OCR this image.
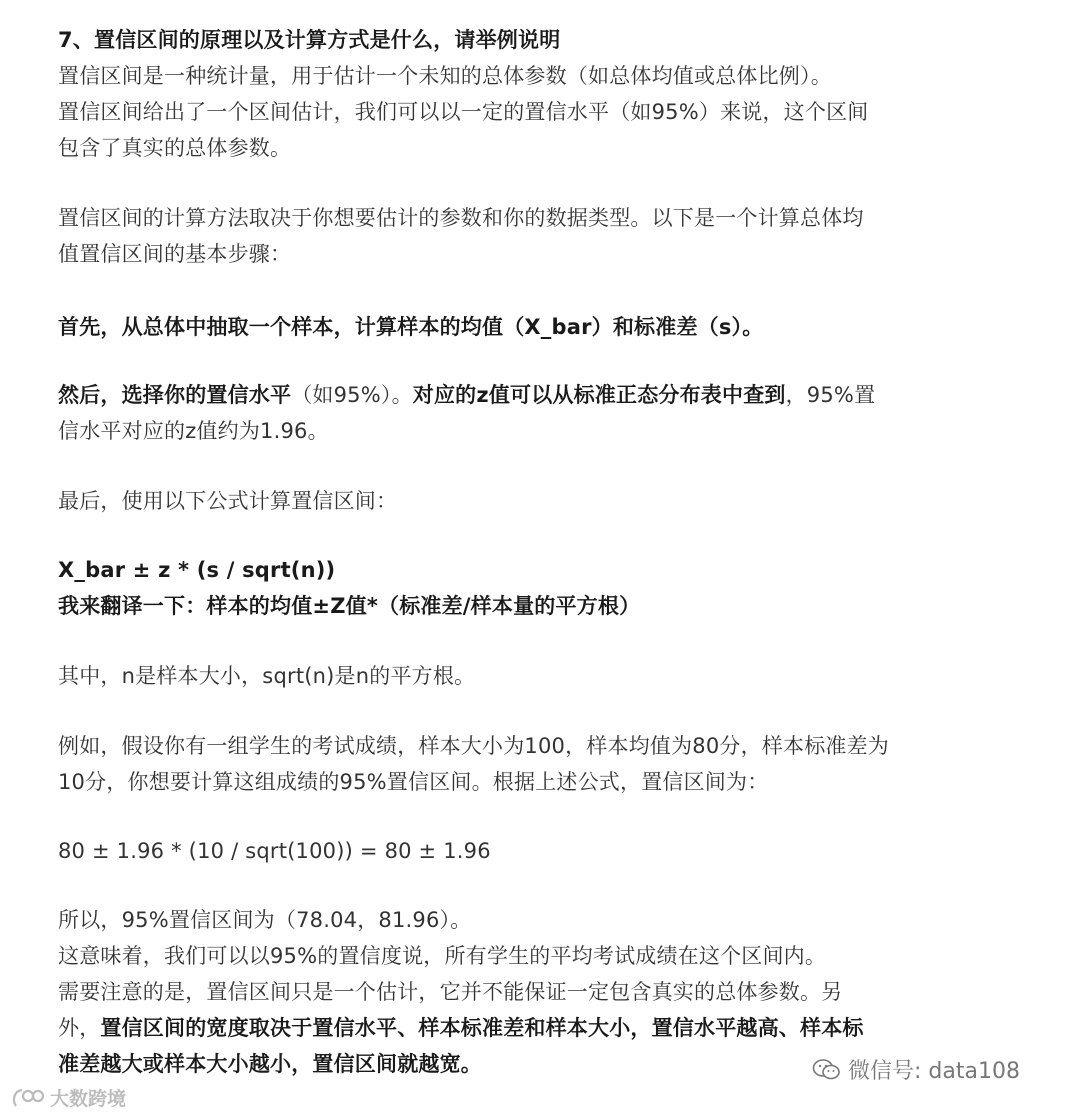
7、置信区间的原理以及计算方式是什么，请举例说明
置信区间是一种统计量，用于估计一个未知的总体参数（如总体均值或总体比例）。
置信区间给出了一个区间估计，我们可以以一定的置信水平（如95%）来说，这个区间
包含了真实的总体参数。
置信区间的计算方法取决于你想要估计的参数和你的数据类型。以下是一个计算总体均
值置信区间的基本步骤：
首先，从总体中抽取一个样本，计算样本的均值（X_bar）和标准差（s）。
然后，选择你的置信水平（如95%）。对应的z值可以从标准正态分布表中查到，95%置
信水平对应的z值约为1.96。
最后，使用以下公式计算置信区间：
X_bar ± z * (s / sqrt(n))
我来翻译一下：样本的均值±Z值*（标准差/样本量的平方根）
其中，n是样本大小，sqrt(n)是n的平方根。
例如，假设你有一组学生的考试成绩，样本大小为100，样本均值为80分，样本标准差为
10分，你想要计算这组成绩的95%置信区间。根据上述公式，置信区间为：
80 ± 1.96 * (10 / sqrt(100)) = 80 ± 1.96
所以，95%置信区间为（78.04，81.96）。
这意味着，我们可以以95%的置信度说，所有学生的平均考试成绩在这个区间内。
需要注意的是，置信区间只是一个估计，它并不能保证一定包含真实的总体参数。另
外，置信区间的宽度取决于置信水平、样本标准差和样本大小，置信水平越高、样本标
准差越大或样本大小越小，置信区间就越宽。	微信号: data108
大数跨境
